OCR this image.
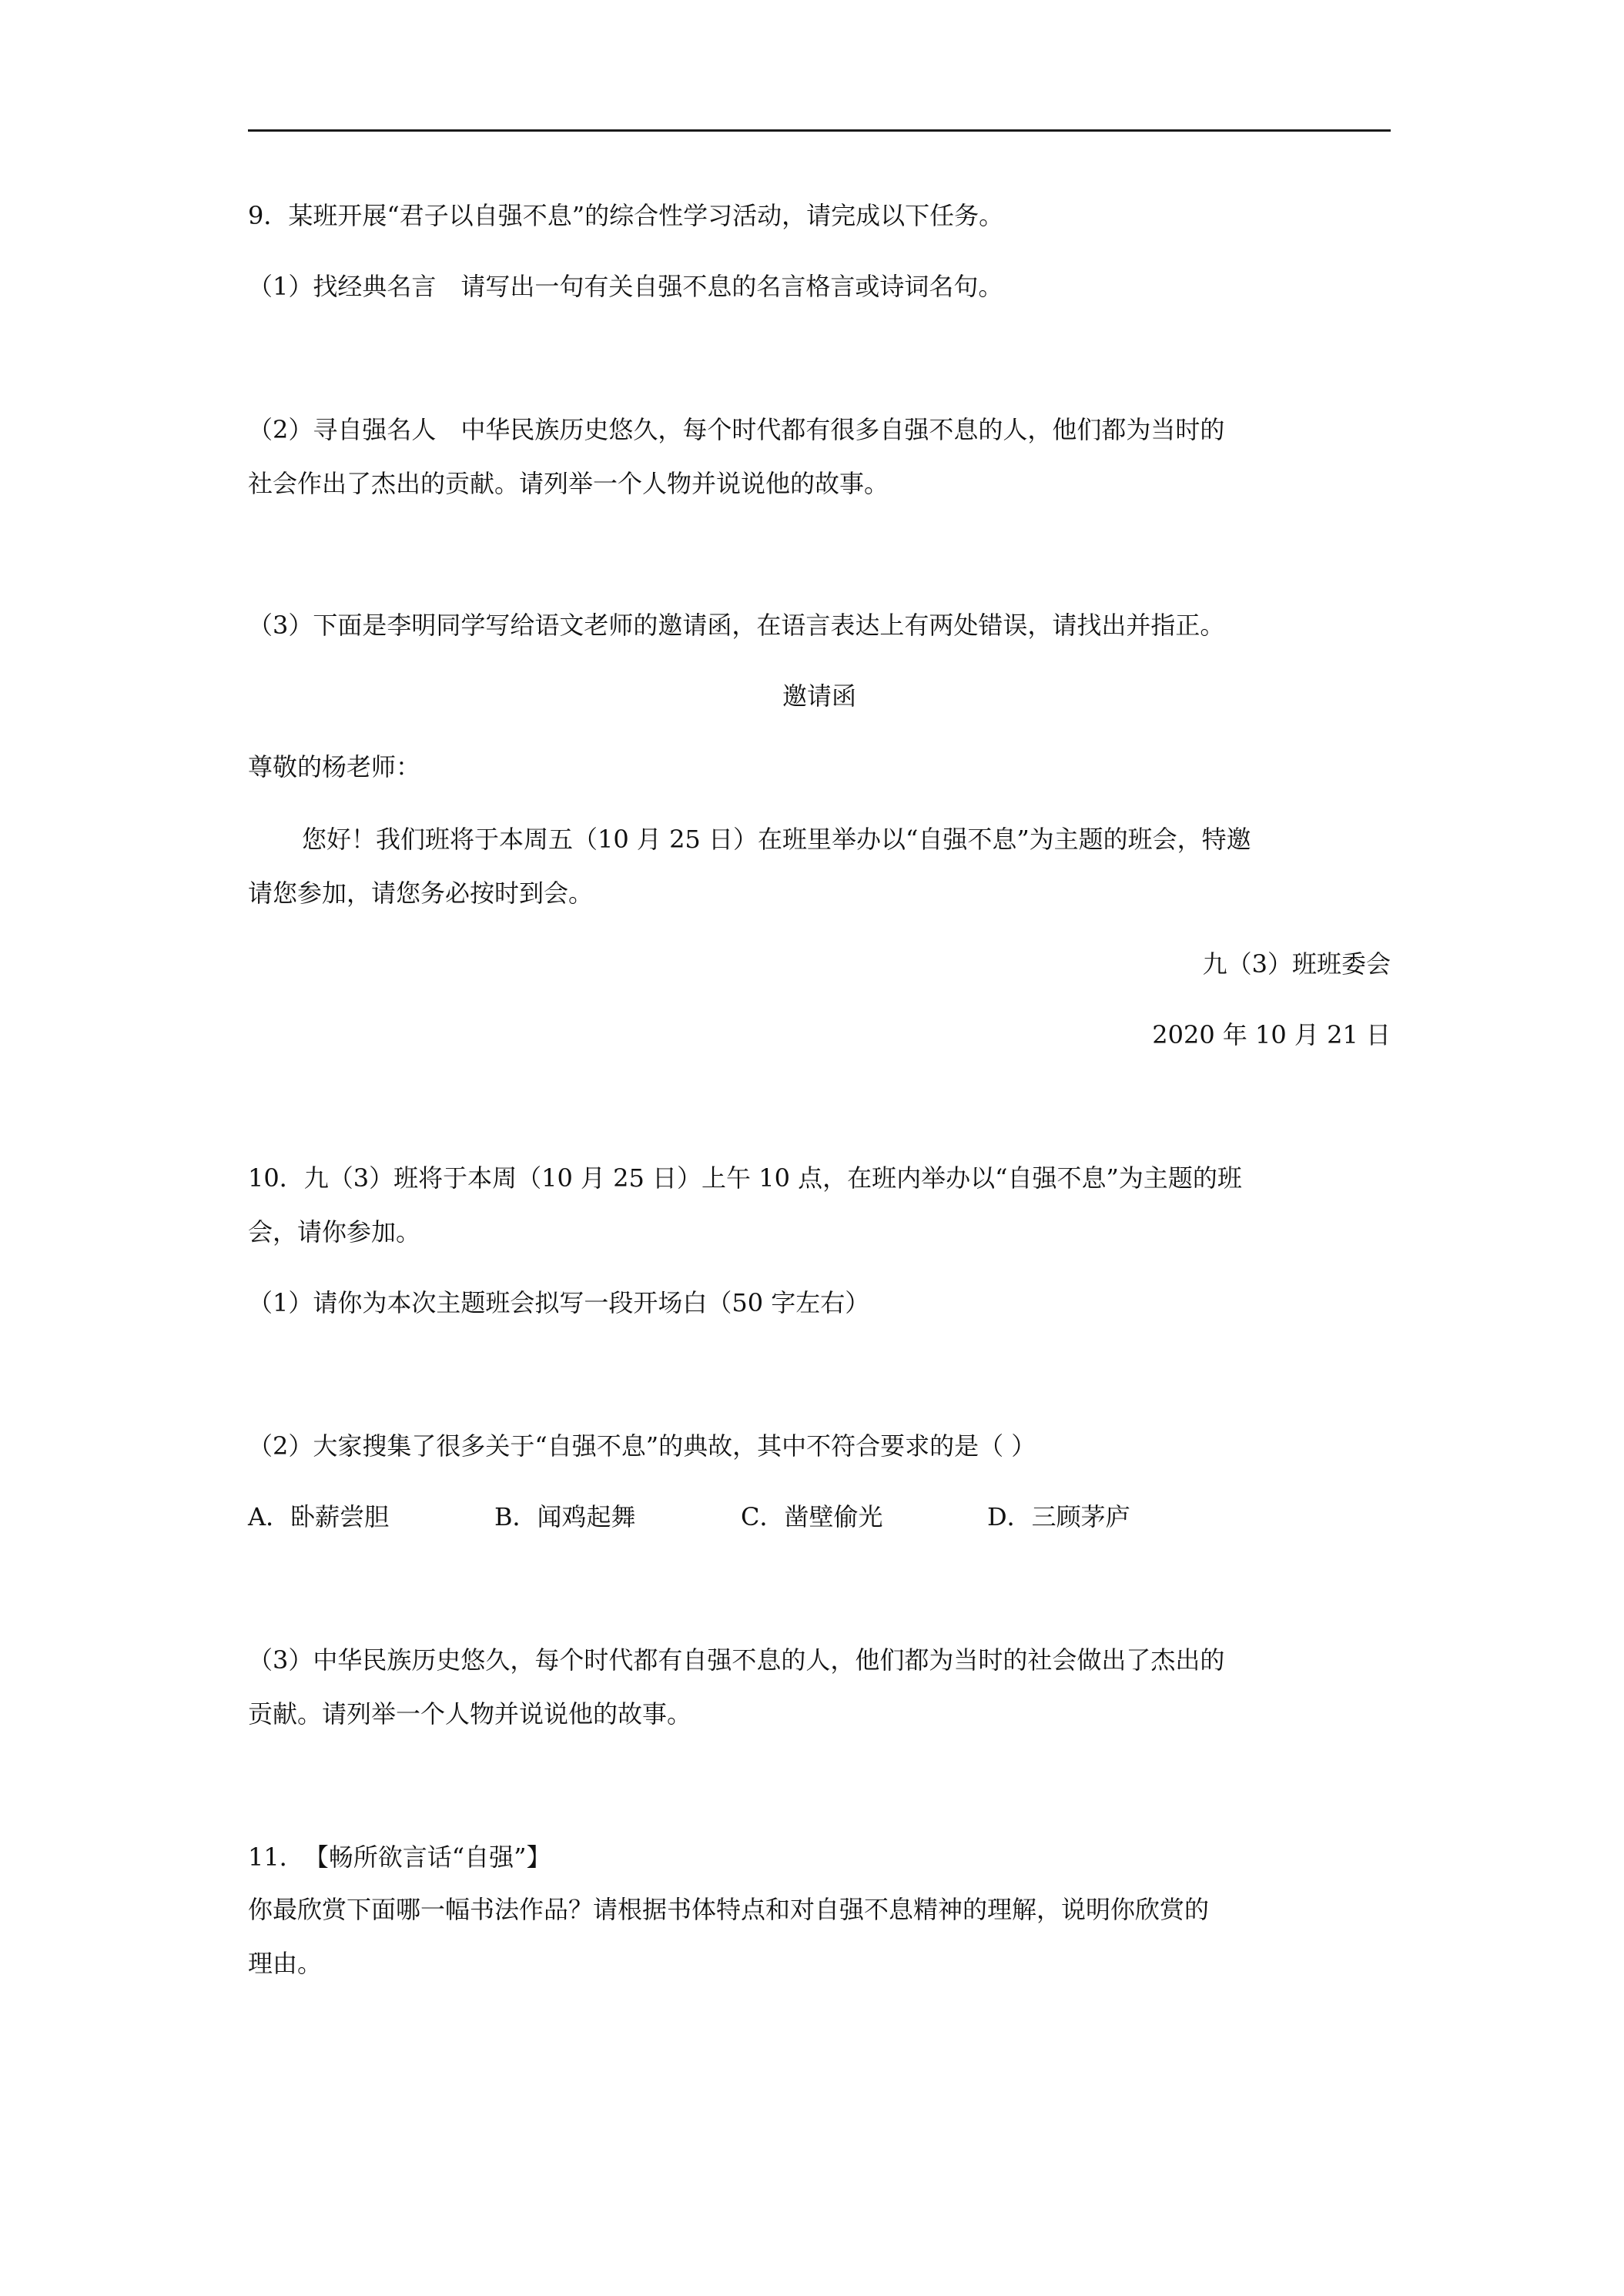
9．某班开展“君子以自强不息”的综合性学习活动，请完成以下任务。
（1）找经典名言　请写出一句有关自强不息的名言格言或诗词名句。
（2）寻自强名人　中华民族历史悠久，每个时代都有很多自强不息的人，他们都为当时的
社会作出了杰出的贡献。请列举一个人物并说说他的故事。
（3）下面是李明同学写给语文老师的邀请函，在语言表达上有两处错误，请找出并指正。
邀请函
尊敬的杨老师：
您好！我们班将于本周五（10 月 25 日）在班里举办以“自强不息”为主题的班会，特邀
请您参加，请您务必按时到会。
九（3）班班委会
2020 年 10 月 21 日
10．九（3）班将于本周（10 月 25 日）上午 10 点，在班内举办以“自强不息”为主题的班
会，请你参加。
（1）请你为本次主题班会拟写一段开场白（50 字左右）
（2）大家搜集了很多关于“自强不息”的典故，其中不符合要求的是（ ）
A．卧薪尝胆	B．闻鸡起舞	C．凿壁偷光	D．三顾茅庐
（3）中华民族历史悠久，每个时代都有自强不息的人，他们都为当时的社会做出了杰出的
贡献。请列举一个人物并说说他的故事。
11．　【畅所欲言话“自强”】
你最欣赏下面哪一幅书法作品？请根据书体特点和对自强不息精神的理解，说明你欣赏的
理由。
